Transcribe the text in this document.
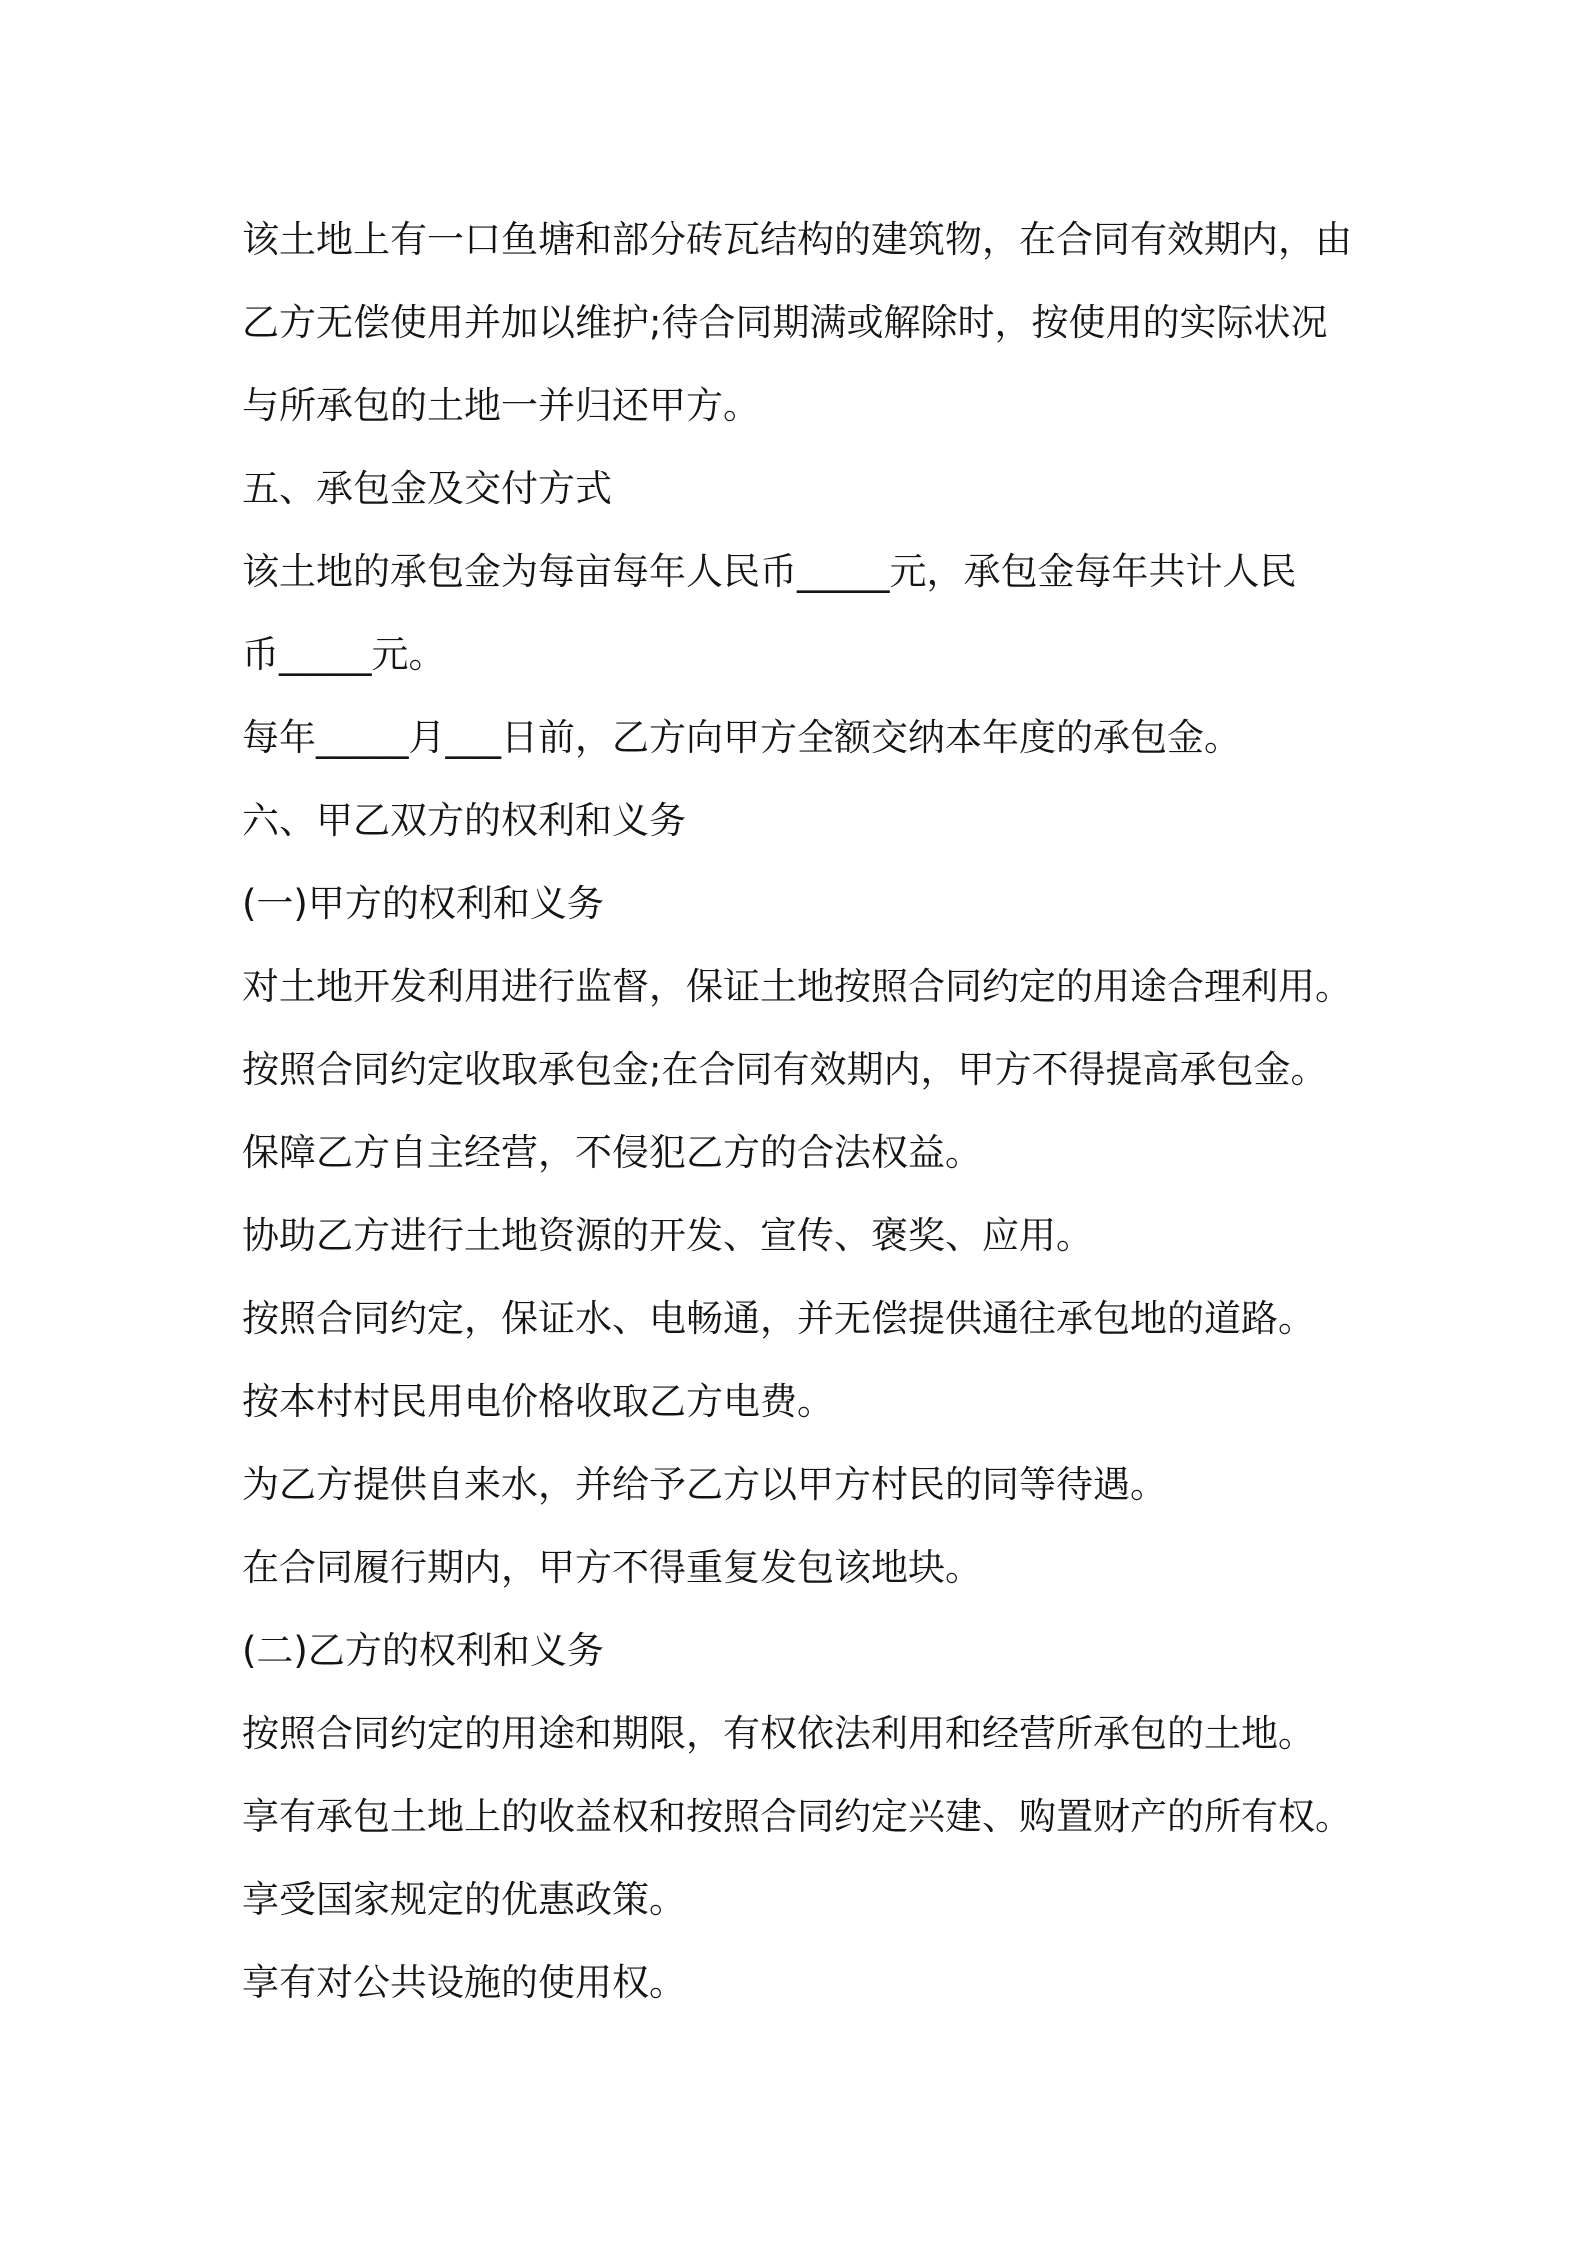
该土地上有一口鱼塘和部分砖瓦结构的建筑物，在合同有效期内，由

乙方无偿使用并加以维护;待合同期满或解除时，按使用的实际状况

与所承包的土地一并归还甲方。

五、承包金及交付方式

该土地的承包金为每亩每年人民币_____元，承包金每年共计人民

币_____元。

每年_____月___日前，乙方向甲方全额交纳本年度的承包金。

六、甲乙双方的权利和义务

(一)甲方的权利和义务

对土地开发利用进行监督，保证土地按照合同约定的用途合理利用。

按照合同约定收取承包金;在合同有效期内，甲方不得提高承包金。

保障乙方自主经营，不侵犯乙方的合法权益。

协助乙方进行土地资源的开发、宣传、褒奖、应用。

按照合同约定，保证水、电畅通，并无偿提供通往承包地的道路。

按本村村民用电价格收取乙方电费。

为乙方提供自来水，并给予乙方以甲方村民的同等待遇。

在合同履行期内，甲方不得重复发包该地块。

(二)乙方的权利和义务

按照合同约定的用途和期限，有权依法利用和经营所承包的土地。

享有承包土地上的收益权和按照合同约定兴建、购置财产的所有权。

享受国家规定的优惠政策。

享有对公共设施的使用权。
